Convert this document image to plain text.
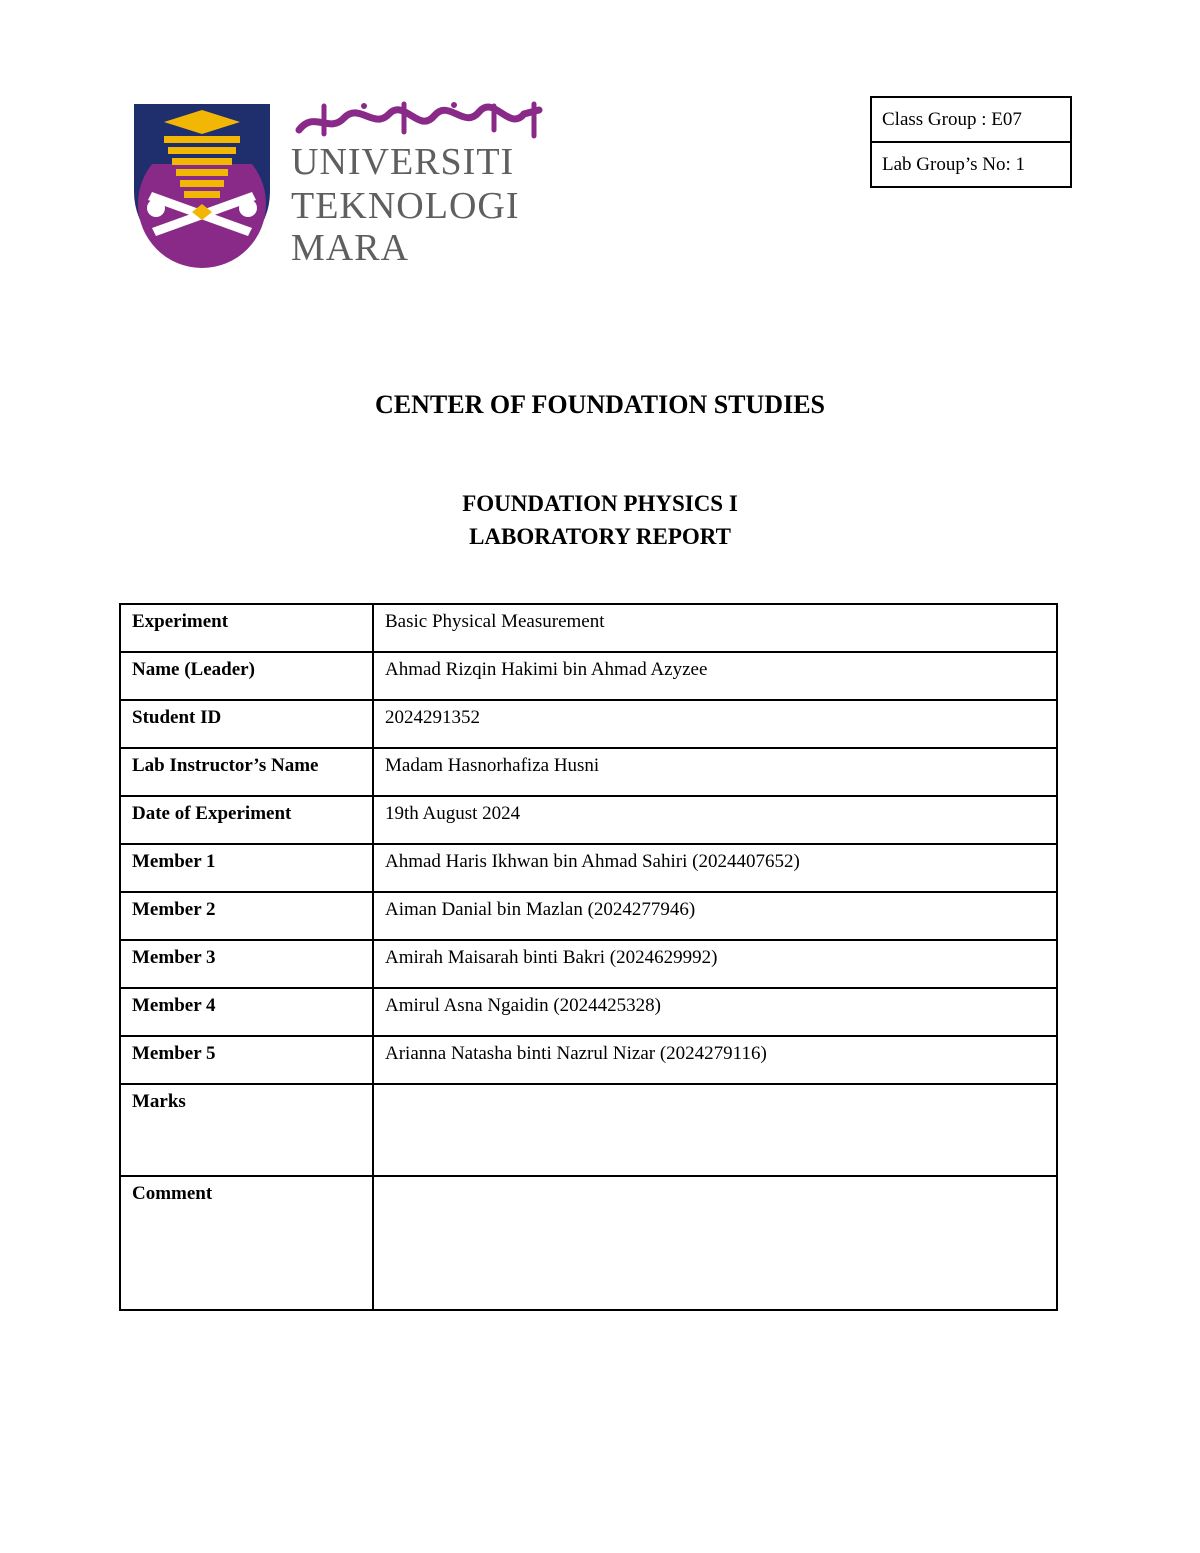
UNIVERSITI
TEKNOLOGI
MARA
Class Group : E07
Lab Group’s No: 1
CENTER OF FOUNDATION STUDIES
FOUNDATION PHYSICS I
LABORATORY REPORT
Experiment	Basic Physical Measurement
Name (Leader)	Ahmad Rizqin Hakimi bin Ahmad Azyzee
Student ID	2024291352
Lab Instructor’s Name	Madam Hasnorhafiza Husni
Date of Experiment	19th August 2024
Member 1	Ahmad Haris Ikhwan bin Ahmad Sahiri (2024407652)
Member 2	Aiman Danial bin Mazlan (2024277946)
Member 3	Amirah Maisarah binti Bakri (2024629992)
Member 4	Amirul Asna Ngaidin (2024425328)
Member 5	Arianna Natasha binti Nazrul Nizar (2024279116)
Marks	
Comment	
